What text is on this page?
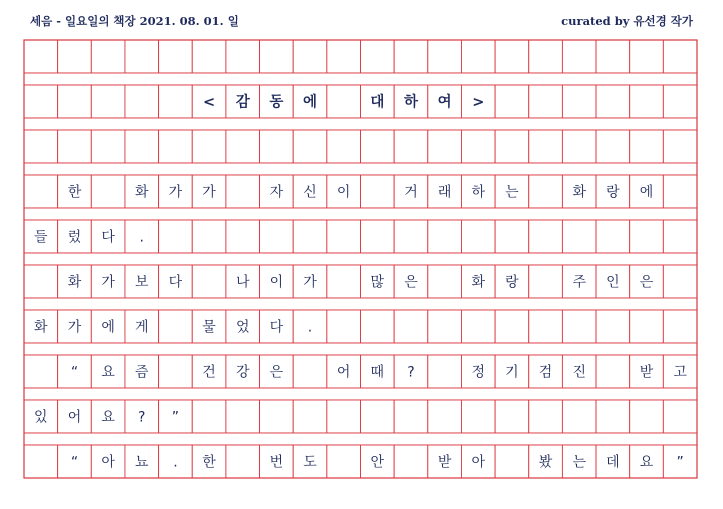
세음 - 일요일의 책장 2021. 08. 01. 일	curated by 유선경 작가
< 감 동 에	대 하 여 >
한	화 가 가	자 신 이	거 래 하 는	화 랑 에
들 렀 다 .
화 가 보 다	나 이 가	많 은	화 랑	주 인 은
화 가 에 게	물 었 다 .
“ 요 즘	건 강 은	어 때 ?	정 기 검 진	받 고
있 어 요 ? ”
“ 아 뇨 . 한	번 도	안	받 아	봤 는 데 요 ”
